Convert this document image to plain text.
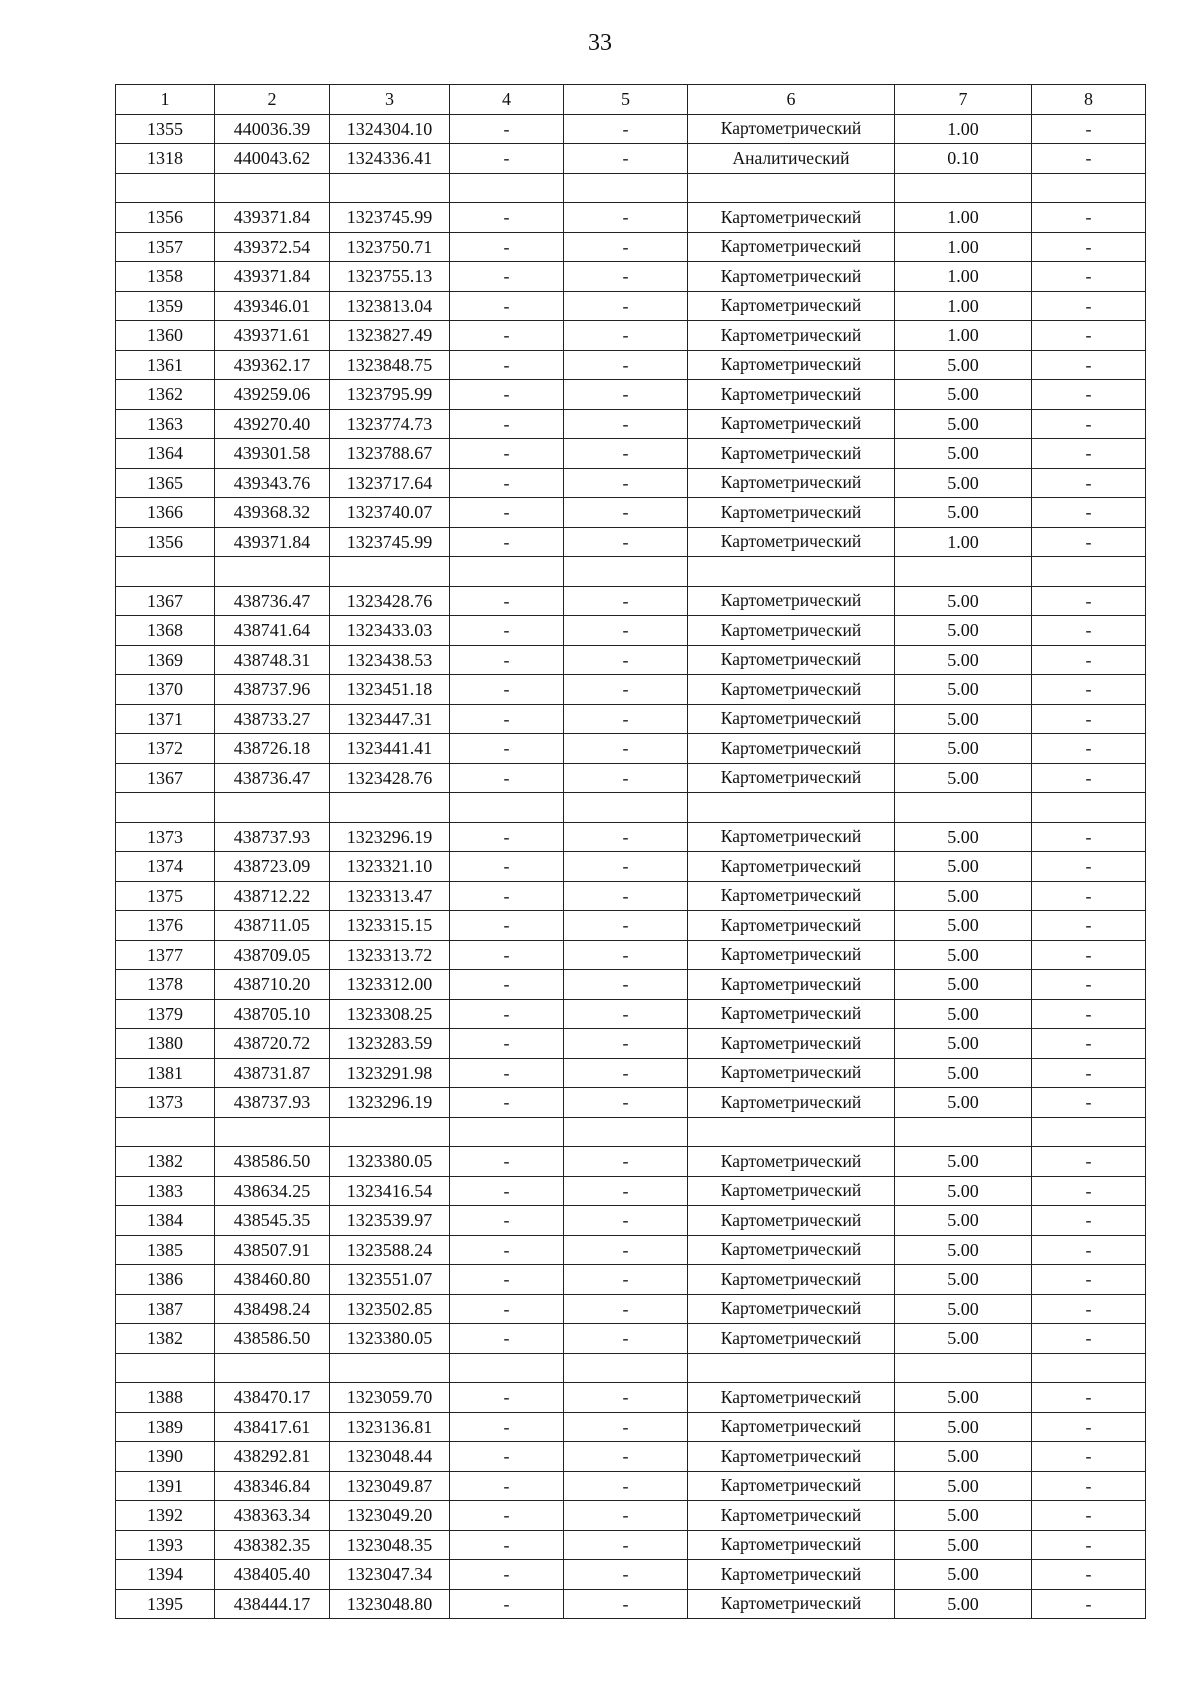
33
1	2	3	4	5	6	7	8
1355	440036.39	1324304.10	-	-	Картометрический	1.00	-
1318	440043.62	1324336.41	-	-	Аналитический	0.10	-

1356	439371.84	1323745.99	-	-	Картометрический	1.00	-
1357	439372.54	1323750.71	-	-	Картометрический	1.00	-
1358	439371.84	1323755.13	-	-	Картометрический	1.00	-
1359	439346.01	1323813.04	-	-	Картометрический	1.00	-
1360	439371.61	1323827.49	-	-	Картометрический	1.00	-
1361	439362.17	1323848.75	-	-	Картометрический	5.00	-
1362	439259.06	1323795.99	-	-	Картометрический	5.00	-
1363	439270.40	1323774.73	-	-	Картометрический	5.00	-
1364	439301.58	1323788.67	-	-	Картометрический	5.00	-
1365	439343.76	1323717.64	-	-	Картометрический	5.00	-
1366	439368.32	1323740.07	-	-	Картометрический	5.00	-
1356	439371.84	1323745.99	-	-	Картометрический	1.00	-

1367	438736.47	1323428.76	-	-	Картометрический	5.00	-
1368	438741.64	1323433.03	-	-	Картометрический	5.00	-
1369	438748.31	1323438.53	-	-	Картометрический	5.00	-
1370	438737.96	1323451.18	-	-	Картометрический	5.00	-
1371	438733.27	1323447.31	-	-	Картометрический	5.00	-
1372	438726.18	1323441.41	-	-	Картометрический	5.00	-
1367	438736.47	1323428.76	-	-	Картометрический	5.00	-

1373	438737.93	1323296.19	-	-	Картометрический	5.00	-
1374	438723.09	1323321.10	-	-	Картометрический	5.00	-
1375	438712.22	1323313.47	-	-	Картометрический	5.00	-
1376	438711.05	1323315.15	-	-	Картометрический	5.00	-
1377	438709.05	1323313.72	-	-	Картометрический	5.00	-
1378	438710.20	1323312.00	-	-	Картометрический	5.00	-
1379	438705.10	1323308.25	-	-	Картометрический	5.00	-
1380	438720.72	1323283.59	-	-	Картометрический	5.00	-
1381	438731.87	1323291.98	-	-	Картометрический	5.00	-
1373	438737.93	1323296.19	-	-	Картометрический	5.00	-

1382	438586.50	1323380.05	-	-	Картометрический	5.00	-
1383	438634.25	1323416.54	-	-	Картометрический	5.00	-
1384	438545.35	1323539.97	-	-	Картометрический	5.00	-
1385	438507.91	1323588.24	-	-	Картометрический	5.00	-
1386	438460.80	1323551.07	-	-	Картометрический	5.00	-
1387	438498.24	1323502.85	-	-	Картометрический	5.00	-
1382	438586.50	1323380.05	-	-	Картометрический	5.00	-

1388	438470.17	1323059.70	-	-	Картометрический	5.00	-
1389	438417.61	1323136.81	-	-	Картометрический	5.00	-
1390	438292.81	1323048.44	-	-	Картометрический	5.00	-
1391	438346.84	1323049.87	-	-	Картометрический	5.00	-
1392	438363.34	1323049.20	-	-	Картометрический	5.00	-
1393	438382.35	1323048.35	-	-	Картометрический	5.00	-
1394	438405.40	1323047.34	-	-	Картометрический	5.00	-
1395	438444.17	1323048.80	-	-	Картометрический	5.00	-
